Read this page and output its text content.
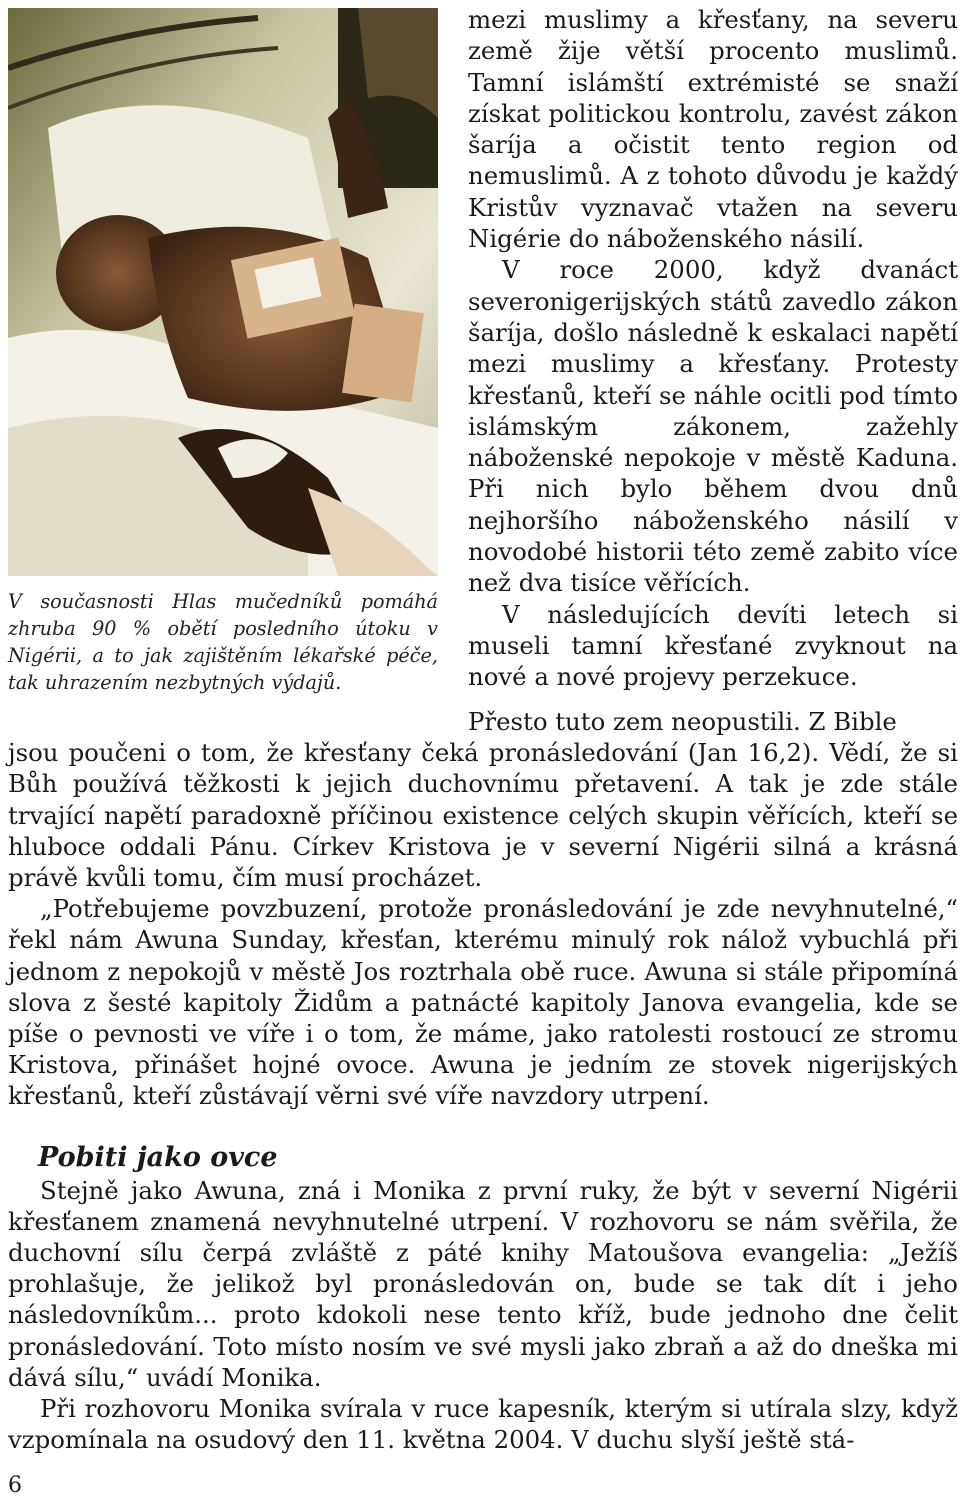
V současnosti Hlas mučedníků pomáhá zhruba 90 % obětí posledního útoku v Nigérii, a to jak zajištěním lékařské péče, tak uhrazením nezbytných výdajů.

mezi muslimy a křesťany, na severu země žije větší procento muslimů. Tamní islámští extrémisté se snaží získat politickou kontrolu, zavést zákon šaríja a očistit tento region od nemuslimů. A z tohoto důvodu je každý Kristův vyznavač vtažen na severu Nigérie do náboženského násilí.

V roce 2000, když dvanáct severonigerijských států zavedlo zákon šaríja, došlo následně k eskalaci napětí mezi muslimy a křesťany. Protesty křesťanů, kteří se náhle ocitli pod tímto islámským zákonem, zažehly náboženské nepokoje v městě Kaduna. Při nich bylo během dvou dnů nejhoršího náboženského násilí v novodobé historii této země zabito více než dva tisíce věřících.

V následujících devíti letech si museli tamní křesťané zvyknout na nové a nové projevy perzekuce.

Přesto tuto zem neopustili. Z Bible

jsou poučeni o tom, že křesťany čeká pronásledování (Jan 16,2). Vědí, že si Bůh používá těžkosti k jejich duchovnímu přetavení. A tak je zde stále trvající napětí paradoxně příčinou existence celých skupin věřících, kteří se hluboce oddali Pánu. Církev Kristova je v severní Nigérii silná a krásná právě kvůli tomu, čím musí procházet.

„Potřebujeme povzbuzení, protože pronásledování je zde nevyhnutelné,“ řekl nám Awuna Sunday, křesťan, kterému minulý rok nálož vybuchlá při jednom z nepokojů v městě Jos roztrhala obě ruce. Awuna si stále připomíná slova z šesté kapitoly Židům a patnácté kapitoly Janova evangelia, kde se píše o pevnosti ve víře i o tom, že máme, jako ratolesti rostoucí ze stromu Kristova, přinášet hojné ovoce. Awuna je jedním ze stovek nigerijských křesťanů, kteří zůstávají věrni své víře navzdory utrpení.

Pobiti jako ovce

Stejně jako Awuna, zná i Monika z první ruky, že být v severní Nigérii křesťanem znamená nevyhnutelné utrpení. V rozhovoru se nám svěřila, že duchovní sílu čerpá zvláště z páté knihy Matoušova evangelia: „Ježíš prohlašuje, že jelikož byl pronásledován on, bude se tak dít i jeho následovníkům... proto kdokoli nese tento kříž, bude jednoho dne čelit pronásledování. Toto místo nosím ve své mysli jako zbraň a až do dneška mi dává sílu,“ uvádí Monika.

Při rozhovoru Monika svírala v ruce kapesník, kterým si utírala slzy, když vzpomínala na osudový den 11. května 2004. V duchu slyší ještě stá-

6
